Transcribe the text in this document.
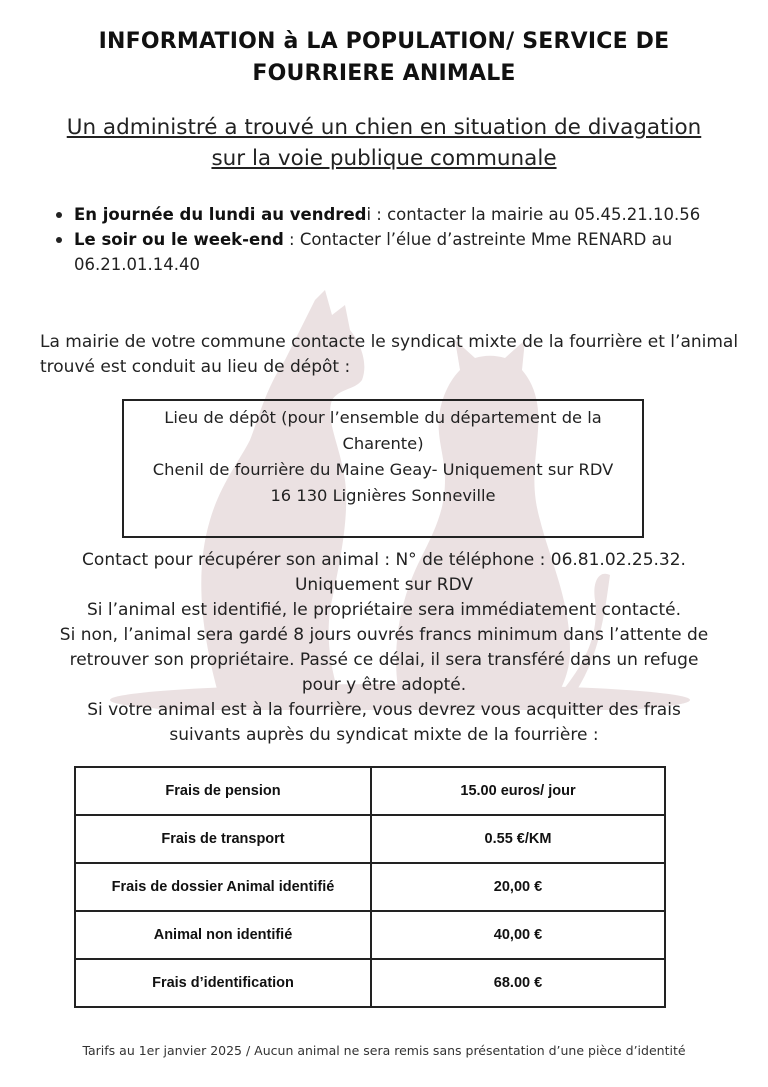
INFORMATION à LA POPULATION/ SERVICE DE
FOURRIERE ANIMALE
Un administré a trouvé un chien en situation de divagation
sur la voie publique communale
En journée du lundi au vendredi : contacter la mairie au 05.45.21.10.56
Le soir ou le week-end : Contacter l’élue d’astreinte Mme RENARD au 06.21.01.14.40
La mairie de votre commune contacte le syndicat mixte de la fourrière et l’animal trouvé est conduit au lieu de dépôt :
Lieu de dépôt (pour l’ensemble du département de la
Charente)
Chenil de fourrière du Maine Geay- Uniquement sur RDV
16 130 Lignières Sonneville
Contact pour récupérer son animal : N° de téléphone : 06.81.02.25.32.
Uniquement sur RDV
Si l’animal est identifié, le propriétaire sera immédiatement contacté.
Si non, l’animal sera gardé 8 jours ouvrés francs minimum dans l’attente de
retrouver son propriétaire. Passé ce délai, il sera transféré dans un refuge
pour y être adopté.
Si votre animal est à la fourrière, vous devrez vous acquitter des frais
suivants auprès du syndicat mixte de la fourrière :
Frais de pension	15.00 euros/ jour
Frais de transport	0.55 €/KM
Frais de dossier Animal identifié	20,00 €
Animal non identifié	40,00 €
Frais d’identification	68.00 €
Tarifs au 1er janvier 2025 / Aucun animal ne sera remis sans présentation d’une pièce d’identité
